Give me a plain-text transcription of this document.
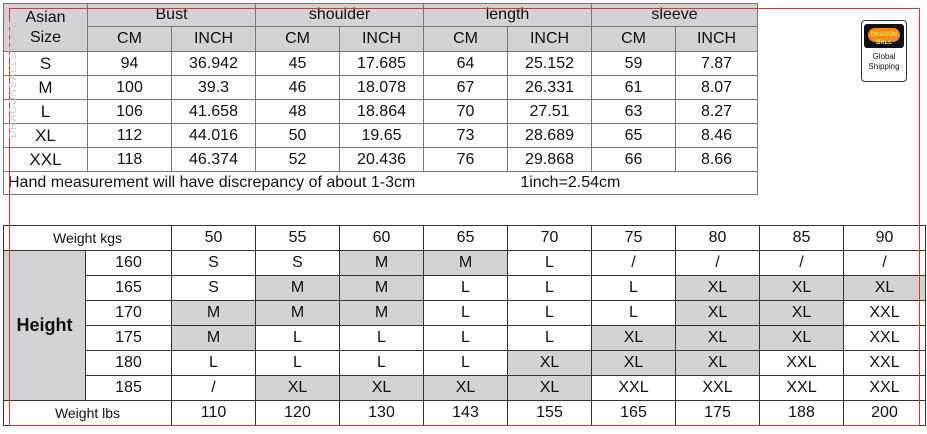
Asian
Size	Bust		shoulder		length		sleeve	
	CM	INCH	CM	INCH	CM	INCH	CM	INCH
S	94	36.942	45	17.685	64	25.152	59	7.87
M	100	39.3	46	18.078	67	26.331	61	8.07
L	106	41.658	48	18.864	70	27.51	63	8.27
XL	112	44.016	50	19.65	73	28.689	65	8.46
XXL	118	46.374	52	20.436	76	29.868	66	8.66
Hand measurement will have discrepancy of about 1-3cm 1inch=2.54cm								
Weight kgs		50	55	60	65	70	75	80	85	90
Height	160	S	S	M	M	L	/	/	/	/
	165	S	M	M	L	L	L	XL	XL	XL
	170	M	M	M	L	L	L	XL	XL	XXL
	175	M	L	L	L	L	XL	XL	XL	XXL
	180	L	L	L	L	XL	XL	XL	XXL	XXL
	185	/	XL	XL	XL	XL	XXL	XXL	XXL	XXL
Weight lbs		110	120	130	143	155	165	175	188	200
DRAGONBALLSTORE	DRAGON BALL
Global
Shipping
